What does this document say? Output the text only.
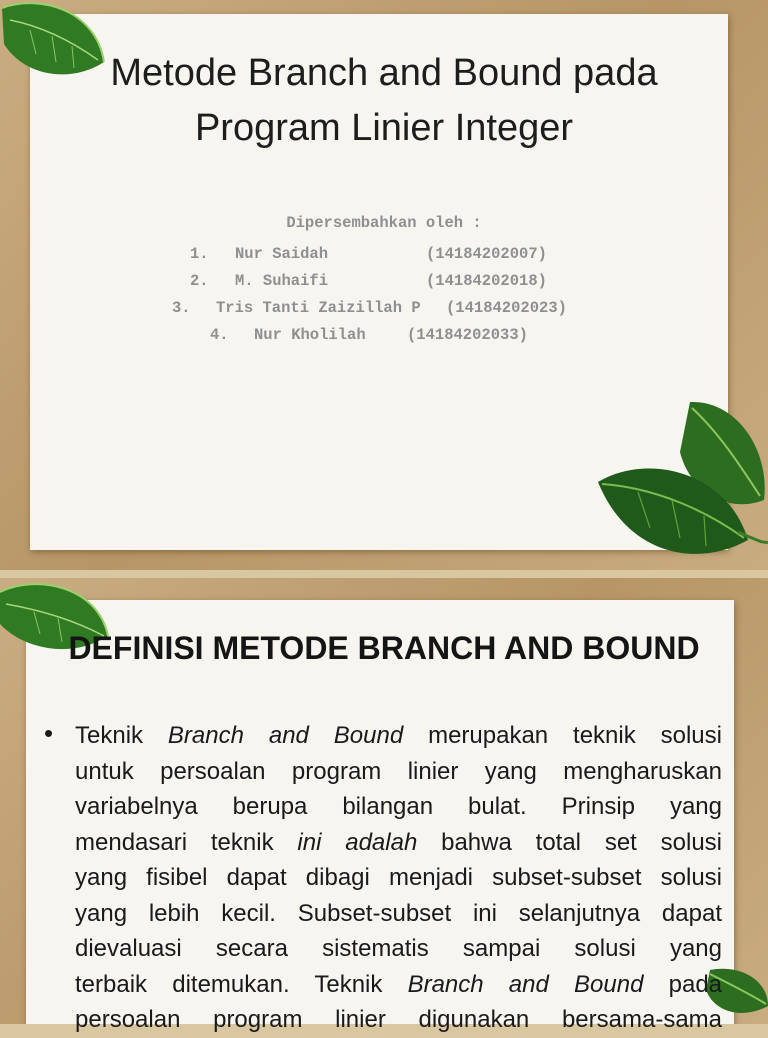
Metode Branch and Bound pada
Program Linier Integer
Dipersembahkan oleh :
1. Nur Saidah	(14184202007)
2. M. Suhaifi	(14184202018)
3. Tris Tanti Zaizillah P (14184202023)
4. Nur Kholilah	(14184202033)
DEFINISI METODE BRANCH AND BOUND
• Teknik Branch and Bound merupakan teknik solusi
untuk persoalan program linier yang mengharuskan
variabelnya berupa bilangan bulat. Prinsip yang
mendasari teknik ini adalah bahwa total set solusi
yang fisibel dapat dibagi menjadi subset-subset solusi
yang lebih kecil. Subset-subset ini selanjutnya dapat
dievaluasi secara sistematis sampai solusi yang
terbaik ditemukan. Teknik Branch and Bound pada
persoalan program linier digunakan bersama-sama
